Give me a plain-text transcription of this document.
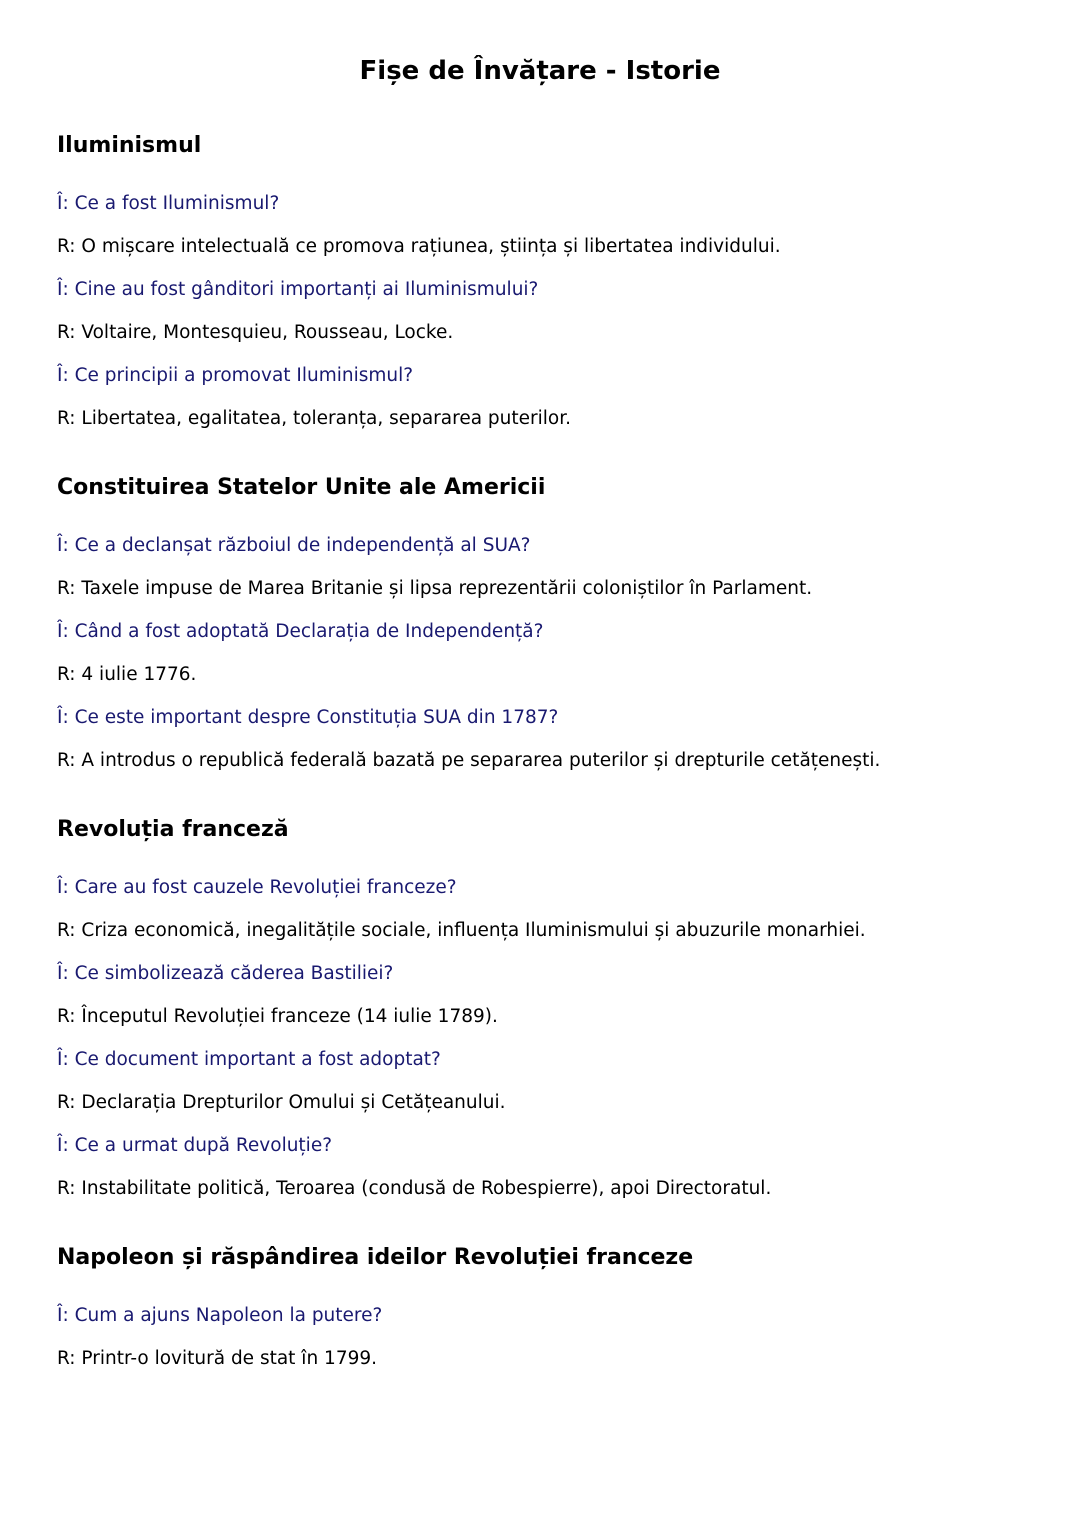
Fișe de Învățare - Istorie
Iluminismul

Î: Ce a fost Iluminismul?

R: O mișcare intelectuală ce promova rațiunea, știința și libertatea individului.

Î: Cine au fost gânditori importanți ai Iluminismului?

R: Voltaire, Montesquieu, Rousseau, Locke.

Î: Ce principii a promovat Iluminismul?

R: Libertatea, egalitatea, toleranța, separarea puterilor.

Constituirea Statelor Unite ale Americii

Î: Ce a declanșat războiul de independență al SUA?

R: Taxele impuse de Marea Britanie și lipsa reprezentării coloniștilor în Parlament.

Î: Când a fost adoptată Declarația de Independență?

R: 4 iulie 1776.

Î: Ce este important despre Constituția SUA din 1787?

R: A introdus o republică federală bazată pe separarea puterilor și drepturile cetățenești.

Revoluția franceză

Î: Care au fost cauzele Revoluției franceze?

R: Criza economică, inegalitățile sociale, influența Iluminismului și abuzurile monarhiei.

Î: Ce simbolizează căderea Bastiliei?

R: Începutul Revoluției franceze (14 iulie 1789).

Î: Ce document important a fost adoptat?

R: Declarația Drepturilor Omului și Cetățeanului.

Î: Ce a urmat după Revoluție?

R: Instabilitate politică, Teroarea (condusă de Robespierre), apoi Directoratul.

Napoleon și răspândirea ideilor Revoluției franceze

Î: Cum a ajuns Napoleon la putere?

R: Printr-o lovitură de stat în 1799.
